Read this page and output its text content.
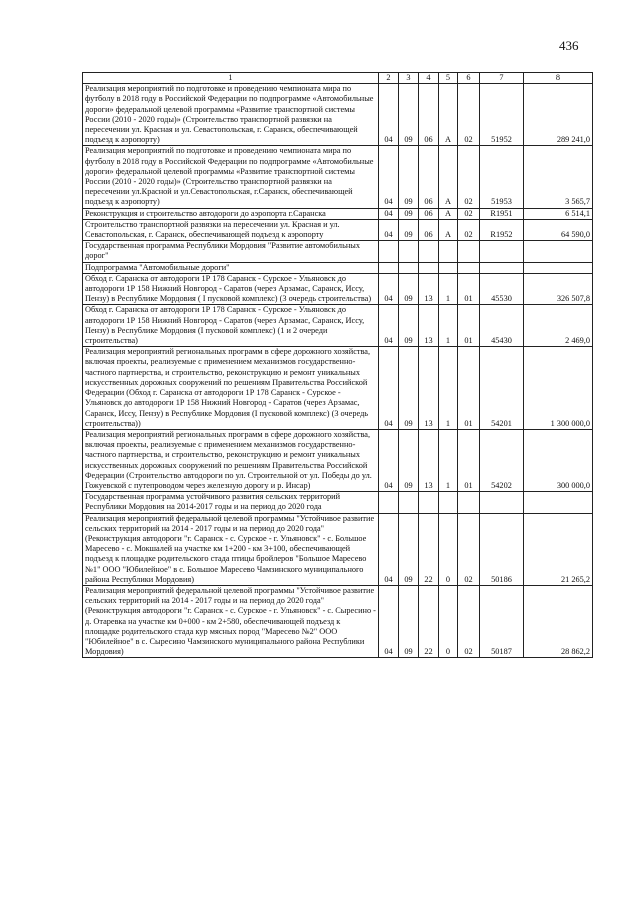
436
1	2	3	4	5	6	7	8
Реализация мероприятий по подготовке и проведению чемпионата мира по футболу в 2018 году в Российской Федерации по подпрограмме «Автомобильные дороги» федеральной целевой программы «Развитие транспортной системы России (2010 - 2020 годы)» (Строительство транспортной развязки на пересечении ул. Красная и ул. Севастопольская, г. Саранск, обеспечивающей подъезд к аэропорту)	04	09	06	А	02	51952	289 241,0
Реализация мероприятий по подготовке и проведению чемпионата мира по футболу в 2018 году в Российской Федерации по подпрограмме «Автомобильные дороги» федеральной целевой программы «Развитие транспортной системы России (2010 - 2020 годы)» (Строительство транспортной развязки на пересечении ул.Красной и ул.Севастопольская, г.Саранск, обеспечивающей подъезд к аэропорту)	04	09	06	А	02	51953	3 565,7
Реконструкция и строительство автодороги до аэропорта г.Саранска	04	09	06	А	02	R1951	6 514,1
Строительство транспортной развязки на пересечении ул. Красная и ул. Севастопольская, г. Саранск, обеспечивающей подъезд к аэропорту	04	09	06	А	02	R1952	64 590,0
Государственная программа Республики Мордовия "Развитие автомобильных дорог"							
Подпрограмма "Автомобильные дороги"							
Обход г. Саранска от автодороги 1Р 178 Саранск - Сурское - Ульяновск до автодороги 1Р 158 Нижний Новгород - Саратов (через Арзамас, Саранск, Иссу, Пензу) в Республике Мордовия ( I пусковой комплекс) (3 очередь строительства)	04	09	13	1	01	45530	326 507,8
Обход г. Саранска от автодороги 1Р 178 Саранск - Сурское - Ульяновск до автодороги 1Р 158 Нижний Новгород - Саратов (через Арзамас, Саранск, Иссу, Пензу) в Республике Мордовия (I пусковой комплекс) (1 и 2 очереди строительства)	04	09	13	1	01	45430	2 469,0
Реализация мероприятий региональных программ в сфере дорожного хозяйства, включая проекты, реализуемые с применением механизмов государственно-частного партнерства, и строительство, реконструкцию и ремонт уникальных искусственных дорожных сооружений по решениям Правительства Российской Федерации (Обход г. Саранска от автодороги 1Р 178 Саранск - Сурское - Ульяновск до автодороги 1Р 158 Нижний Новгород - Саратов (через Арзамас, Саранск, Иссу, Пензу) в Республике Мордовия (I пусковой комплекс) (3 очередь строительства))	04	09	13	1	01	54201	1 300 000,0
Реализация мероприятий региональных программ в сфере дорожного хозяйства, включая проекты, реализуемые с применением механизмов государственно-частного партнерства, и строительство, реконструкцию и ремонт уникальных искусственных дорожных сооружений по решениям Правительства Российской Федерации (Строительство автодороги по ул. Строительной от ул. Победы до ул. Гожуевской с путепроводом через железную дорогу и р. Инсар)	04	09	13	1	01	54202	300 000,0
Государственная программа устойчивого развития сельских территорий Республики Мордовия на 2014-2017 годы и на период до 2020 года							
Реализация мероприятий федеральной целевой программы "Устойчивое развитие сельских территорий на 2014 - 2017 годы и на период до 2020 года" (Реконструкция автодороги "г. Саранск - с. Сурское - г. Ульяновск" - с. Большое Маресево - с. Мокшалей на участке км 1+200 - км 3+100, обеспечивающей подъезд к площадке родительского стада птицы бройлеров "Большое Маресево №1" ООО "Юбилейное" в с. Большое Маресево Чамзинского муниципального района Республики Мордовия)	04	09	22	0	02	50186	21 265,2
Реализация мероприятий федеральной целевой программы "Устойчивое развитие сельских территорий на 2014 - 2017 годы и на период до 2020 года" (Реконструкция автодороги "г. Саранск - с. Сурское - г. Ульяновск" - с. Сыресино - д. Отаревка на участке км 0+000 - км 2+580, обеспечивающей подъезд к площадке родительского стада кур мясных пород "Маресево №2" ООО "Юбилейное" в с. Сыресино Чамзинского муниципального района Республики Мордовия)	04	09	22	0	02	50187	28 862,2
